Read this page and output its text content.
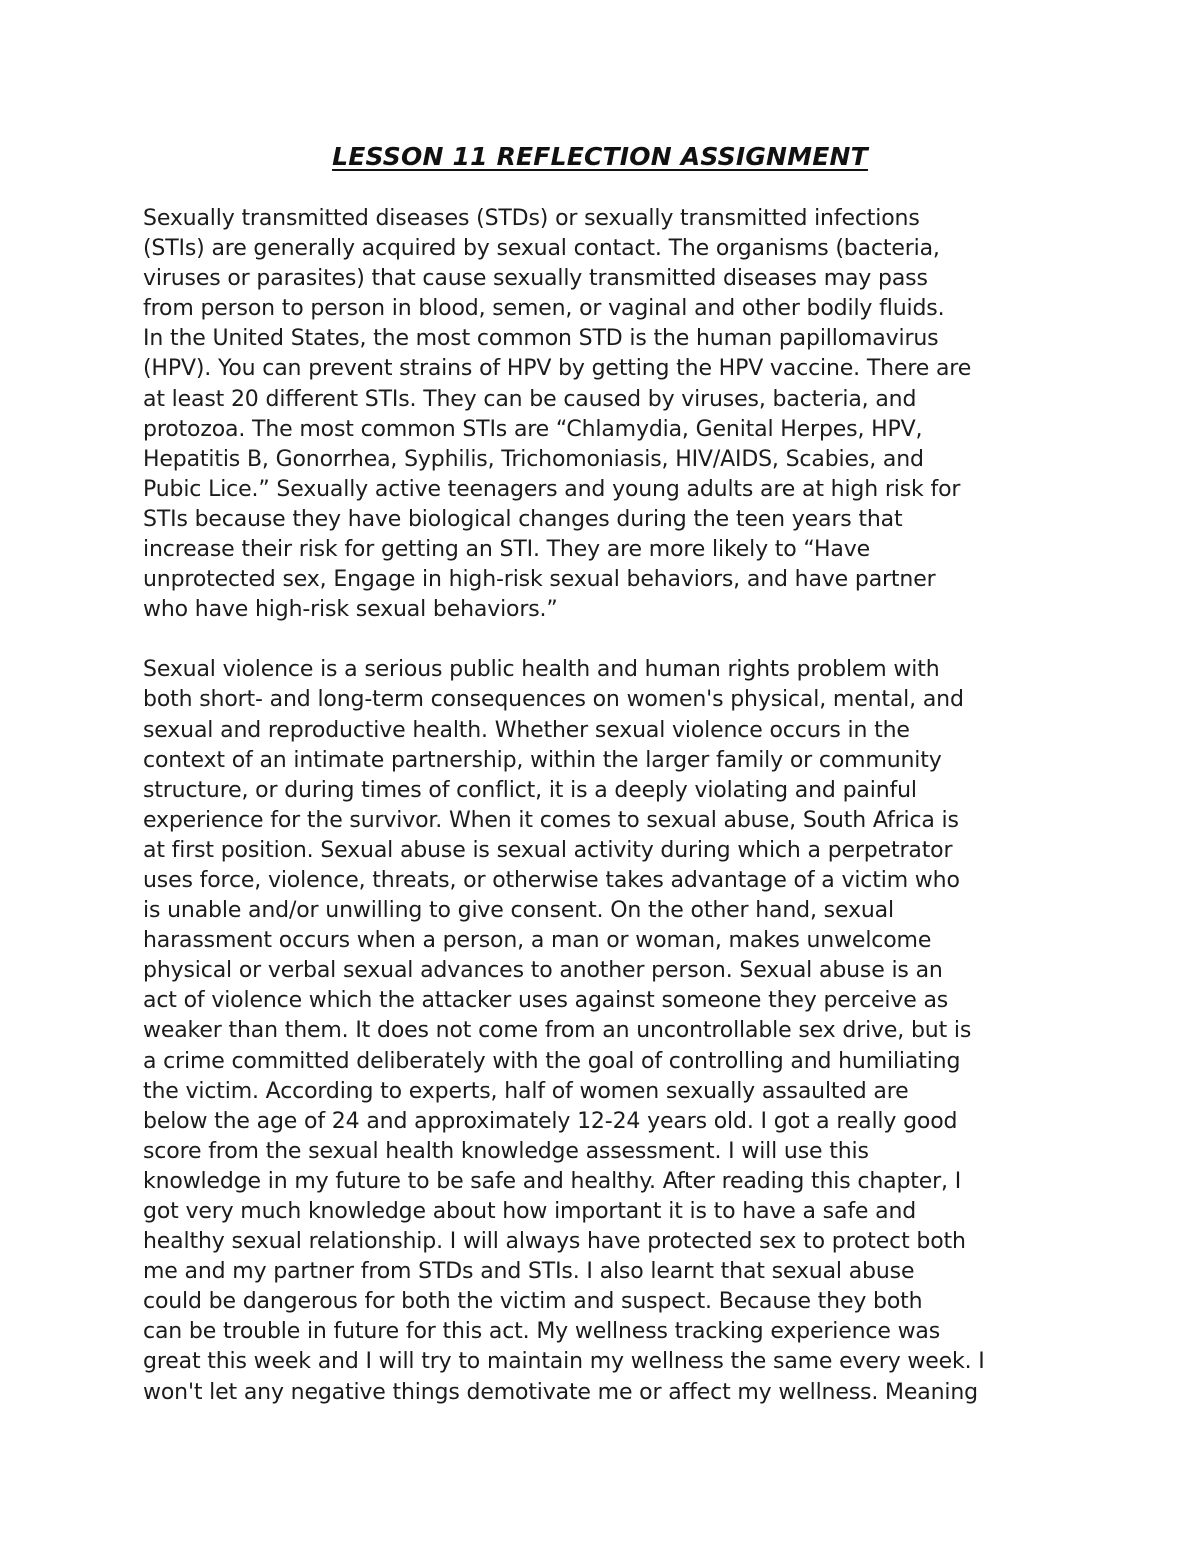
LESSON 11 REFLECTION ASSIGNMENT
Sexually transmitted diseases (STDs) or sexually transmitted infections
(STIs) are generally acquired by sexual contact. The organisms (bacteria,
viruses or parasites) that cause sexually transmitted diseases may pass
from person to person in blood, semen, or vaginal and other bodily fluids.
In the United States, the most common STD is the human papillomavirus
(HPV). You can prevent strains of HPV by getting the HPV vaccine. There are
at least 20 different STIs. They can be caused by viruses, bacteria, and
protozoa. The most common STIs are “Chlamydia, Genital Herpes, HPV,
Hepatitis B, Gonorrhea, Syphilis, Trichomoniasis, HIV/AIDS, Scabies, and
Pubic Lice.” Sexually active teenagers and young adults are at high risk for
STIs because they have biological changes during the teen years that
increase their risk for getting an STI. They are more likely to “Have
unprotected sex, Engage in high-risk sexual behaviors, and have partner
who have high-risk sexual behaviors.”
Sexual violence is a serious public health and human rights problem with
both short- and long-term consequences on women's physical, mental, and
sexual and reproductive health. Whether sexual violence occurs in the
context of an intimate partnership, within the larger family or community
structure, or during times of conflict, it is a deeply violating and painful
experience for the survivor. When it comes to sexual abuse, South Africa is
at first position. Sexual abuse is sexual activity during which a perpetrator
uses force, violence, threats, or otherwise takes advantage of a victim who
is unable and/or unwilling to give consent. On the other hand, sexual
harassment occurs when a person, a man or woman, makes unwelcome
physical or verbal sexual advances to another person. Sexual abuse is an
act of violence which the attacker uses against someone they perceive as
weaker than them. It does not come from an uncontrollable sex drive, but is
a crime committed deliberately with the goal of controlling and humiliating
the victim. According to experts, half of women sexually assaulted are
below the age of 24 and approximately 12-24 years old. I got a really good
score from the sexual health knowledge assessment. I will use this
knowledge in my future to be safe and healthy. After reading this chapter, I
got very much knowledge about how important it is to have a safe and
healthy sexual relationship. I will always have protected sex to protect both
me and my partner from STDs and STIs. I also learnt that sexual abuse
could be dangerous for both the victim and suspect. Because they both
can be trouble in future for this act. My wellness tracking experience was
great this week and I will try to maintain my wellness the same every week. I
won't let any negative things demotivate me or affect my wellness. Meaning
